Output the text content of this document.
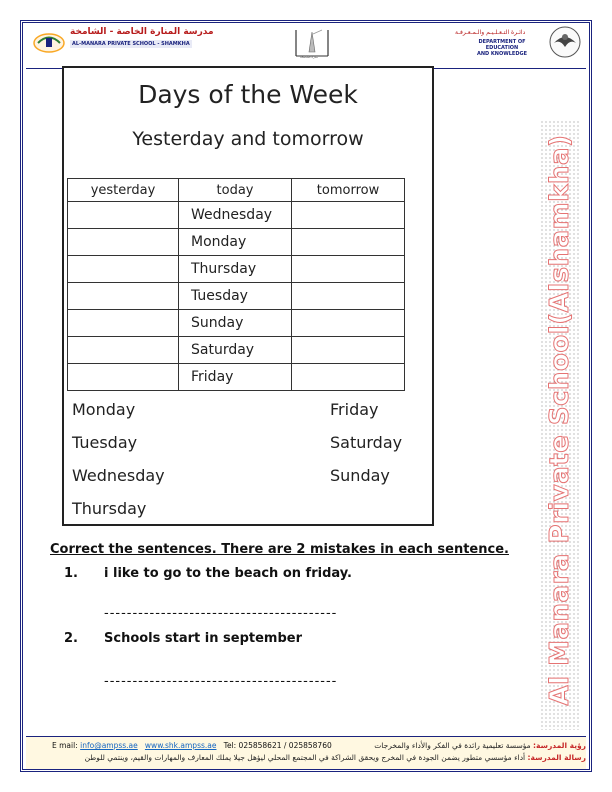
مدرسة المنارة الخاصة - الشامخة
AL-MANARA PRIVATE SCHOOL - SHAMKHA
منارة الشامخة
دائـرة التـعـلـيـم والـمـعـرفـة
DEPARTMENT OF EDUCATION
AND KNOWLEDGE
Days of the Week
Yesterday and tomorrow
yesterday	today	tomorrow
	Wednesday	
	Monday	
	Thursday	
	Tuesday	
	Sunday	
	Saturday	
	Friday	
Monday
Tuesday
Wednesday
Thursday
Friday
Saturday
Sunday	Al Manara Private School(Alshamkha)
Correct the sentences. There are 2 mistakes in each sentence.
1. i like to go to the beach on friday.
-----------------------------------------
2. Schools start in september
-----------------------------------------
E mail: info@ampss.ae www.shk.ampss.ae Tel: 025858621 / 025858760	رؤية المدرسة: مؤسسة تعليمية رائدة في الفكر والأداء والمخرجات
رسالة المدرسة: أداء مؤسسي متطور يضمن الجودة في المخرج ويحقق الشراكة في المجتمع المحلي ليؤهل جيلا يملك المعارف والمهارات والقيم، وينتمي للوطن
